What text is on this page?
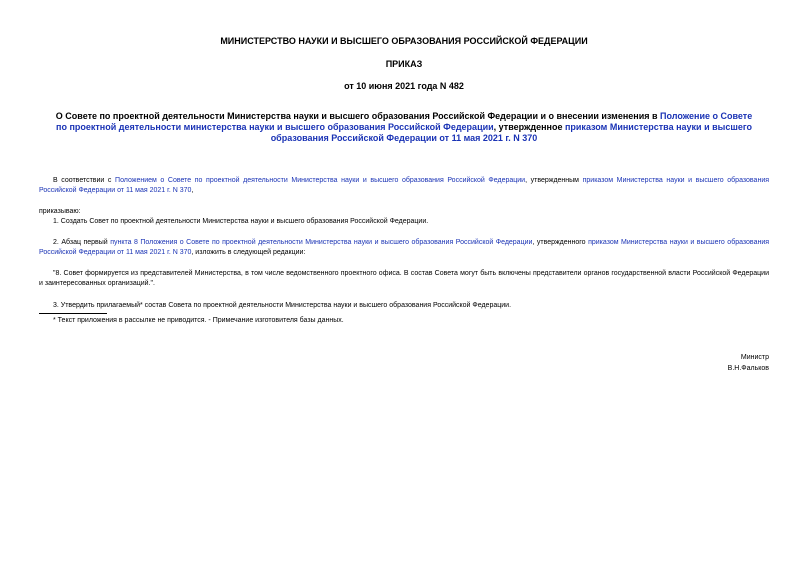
МИНИСТЕРСТВО НАУКИ И ВЫСШЕГО ОБРАЗОВАНИЯ РОССИЙСКОЙ ФЕДЕРАЦИИ

ПРИКАЗ

от 10 июня 2021 года N 482

О Совете по проектной деятельности Министерства науки и высшего образования Российской Федерации и о внесении изменения в Положение о Совете по проектной деятельности министерства науки и высшего образования Российской Федерации, утвержденное приказом Министерства науки и высшего образования Российской Федерации от 11 мая 2021 г. N 370

В соответствии с Положением о Совете по проектной деятельности Министерства науки и высшего образования Российской Федерации, утвержденным приказом Министерства науки и высшего образования Российской Федерации от 11 мая 2021 г. N 370,

приказываю:

1. Создать Совет по проектной деятельности Министерства науки и высшего образования Российской Федерации.

2. Абзац первый пункта 8 Положения о Совете по проектной деятельности Министерства науки и высшего образования Российской Федерации, утвержденного приказом Министерства науки и высшего образования Российской Федерации от 11 мая 2021 г. N 370, изложить в следующей редакции:

"8. Совет формируется из представителей Министерства, в том числе ведомственного проектного офиса. В состав Совета могут быть включены представители органов государственной власти Российской Федерации и заинтересованных организаций.".

3. Утвердить прилагаемый* состав Совета по проектной деятельности Министерства науки и высшего образования Российской Федерации.

* Текст приложения в рассылке не приводится. - Примечание изготовителя базы данных.

Министр
В.Н.Фальков
